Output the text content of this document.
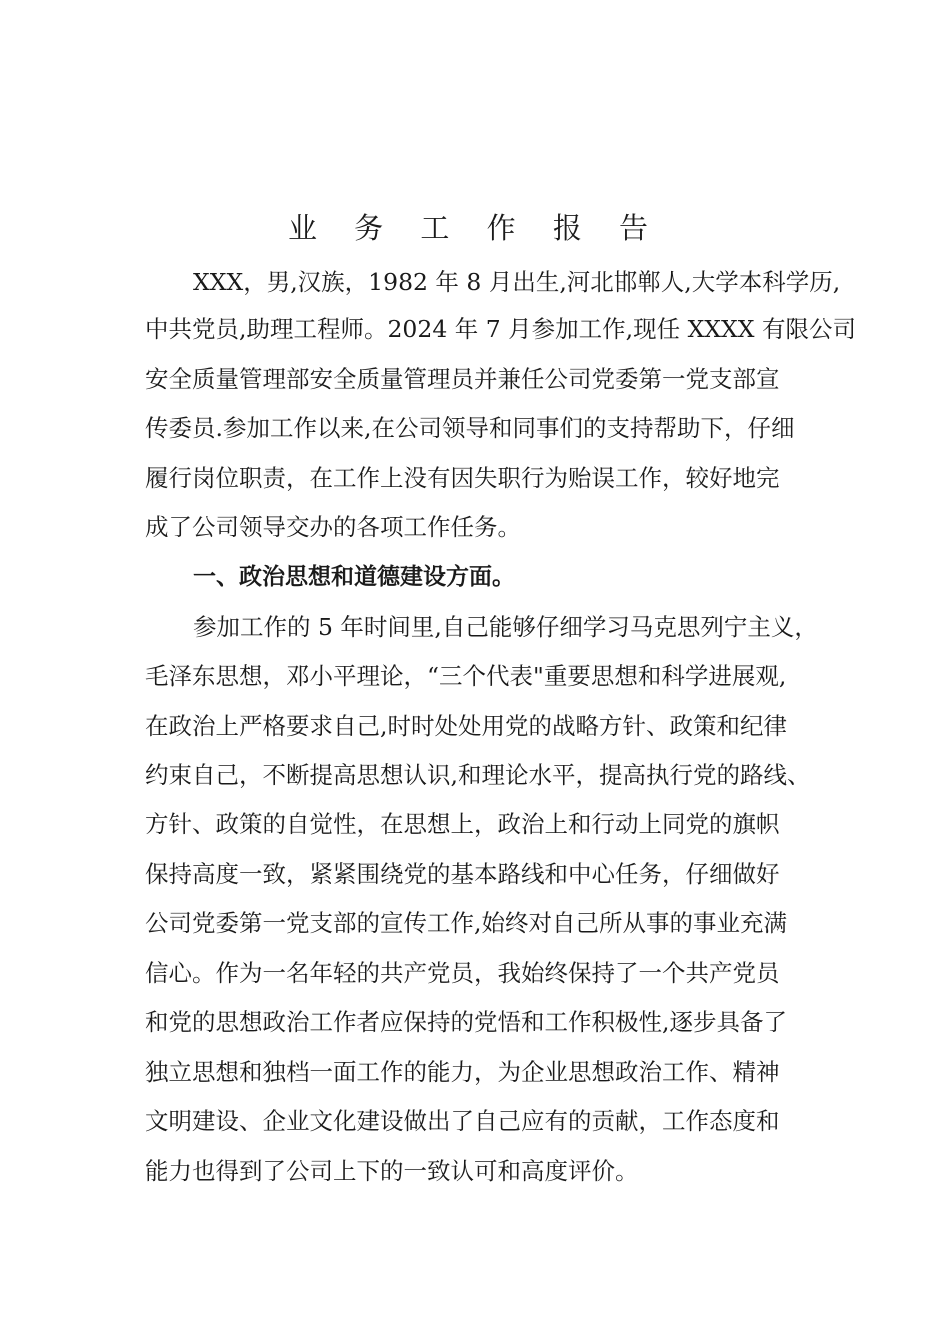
业 务 工 作 报 告

XXX，男,汉族，1982 年 8 月出生,河北邯郸人,大学本科学历,

中共党员,助理工程师。2024 年 7 月参加工作,现任 XXXX 有限公司

安全质量管理部安全质量管理员并兼任公司党委第一党支部宣

传委员.参加工作以来,在公司领导和同事们的支持帮助下，仔细

履行岗位职责，在工作上没有因失职行为贻误工作，较好地完

成了公司领导交办的各项工作任务。

一、政治思想和道德建设方面。

参加工作的 5 年时间里,自己能够仔细学习马克思列宁主义，

毛泽东思想，邓小平理论，“三个代表"重要思想和科学进展观,

在政治上严格要求自己,时时处处用党的战略方针、政策和纪律

约束自己，不断提高思想认识,和理论水平，提高执行党的路线、

方针、政策的自觉性，在思想上，政治上和行动上同党的旗帜

保持高度一致，紧紧围绕党的基本路线和中心任务，仔细做好

公司党委第一党支部的宣传工作,始终对自己所从事的事业充满

信心。作为一名年轻的共产党员，我始终保持了一个共产党员

和党的思想政治工作者应保持的党悟和工作积极性,逐步具备了

独立思想和独档一面工作的能力，为企业思想政治工作、精神

文明建设、企业文化建设做出了自己应有的贡献，工作态度和

能力也得到了公司上下的一致认可和高度评价。
